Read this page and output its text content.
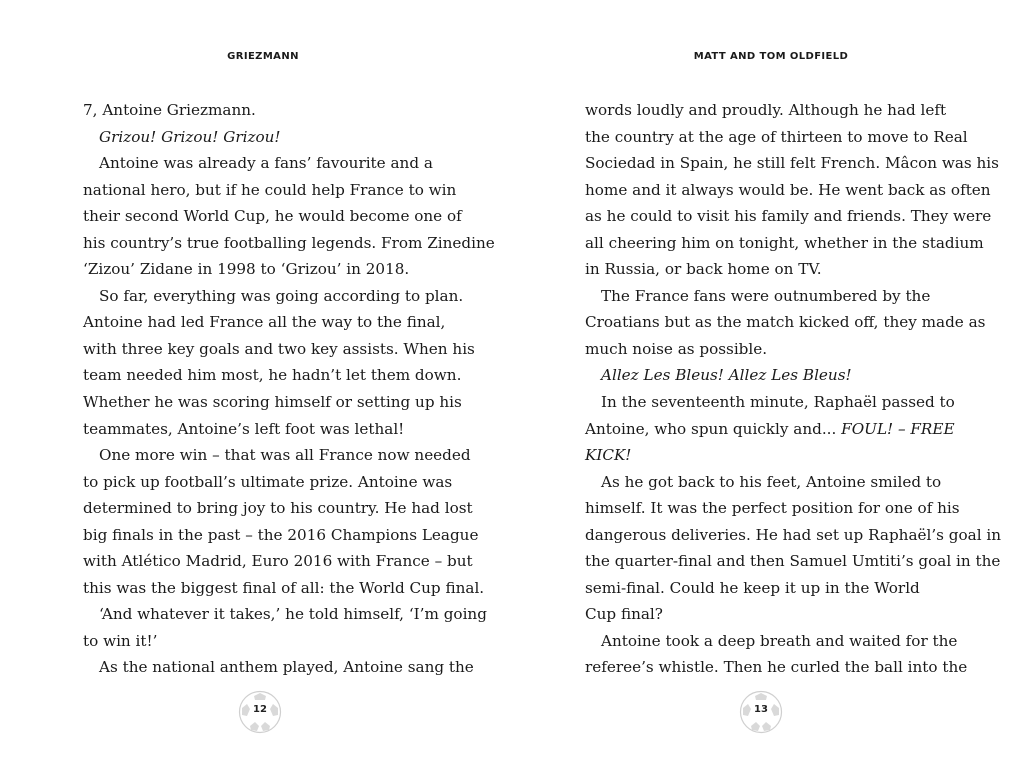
GRIEZMANN
7, Antoine Griezmann.
Grizou! Grizou! Grizou!
Antoine was already a fans’ favourite and a
national hero, but if he could help France to win
their second World Cup, he would become one of
his country’s true footballing legends. From Zinedine
‘Zizou’ Zidane in 1998 to ‘Grizou’ in 2018.
So far, everything was going according to plan.
Antoine had led France all the way to the final,
with three key goals and two key assists. When his
team needed him most, he hadn’t let them down.
Whether he was scoring himself or setting up his
teammates, Antoine’s left foot was lethal!
One more win – that was all France now needed
to pick up football’s ultimate prize. Antoine was
determined to bring joy to his country. He had lost
big finals in the past – the 2016 Champions League
with Atlético Madrid, Euro 2016 with France – but
this was the biggest final of all: the World Cup final.
‘And whatever it takes,’ he told himself, ‘I’m going
to win it!’
As the national anthem played, Antoine sang the
12
MATT AND TOM OLDFIELD
words loudly and proudly. Although he had left
the country at the age of thirteen to move to Real
Sociedad in Spain, he still felt French. Mâcon was his
home and it always would be. He went back as often
as he could to visit his family and friends. They were
all cheering him on tonight, whether in the stadium
in Russia, or back home on TV.
The France fans were outnumbered by the
Croatians but as the match kicked off, they made as
much noise as possible.
Allez Les Bleus! Allez Les Bleus!
In the seventeenth minute, Raphaël passed to
Antoine, who spun quickly and... FOUL! – FREE
KICK!
As he got back to his feet, Antoine smiled to
himself. It was the perfect position for one of his
dangerous deliveries. He had set up Raphaël’s goal in
the quarter-final and then Samuel Umtiti’s goal in the
semi-final. Could he keep it up in the World
Cup final?
Antoine took a deep breath and waited for the
referee’s whistle. Then he curled the ball into the
13
